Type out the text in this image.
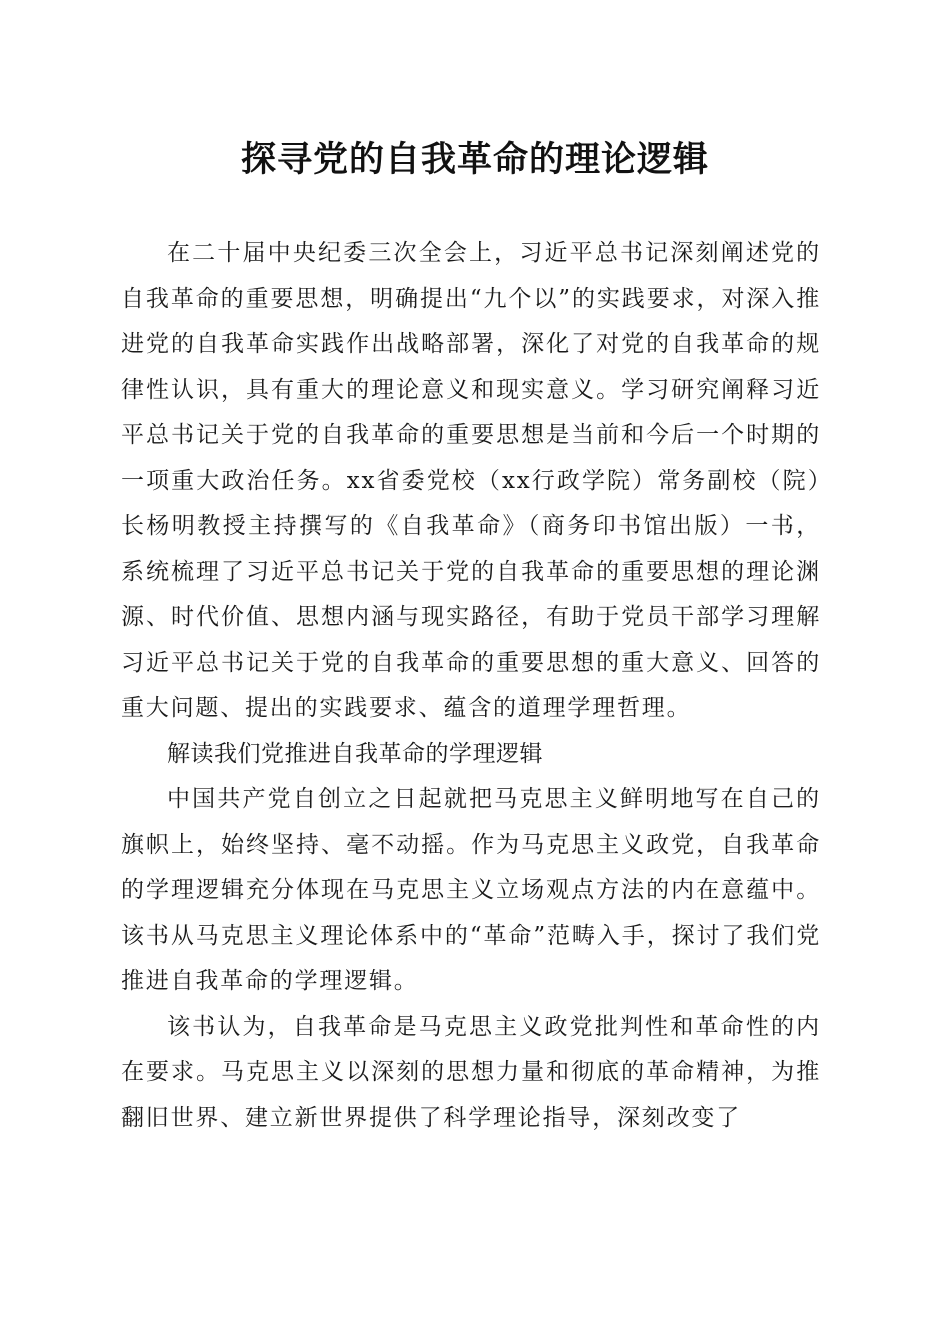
探寻党的自我革命的理论逻辑

在二十届中央纪委三次全会上，习近平总书记深刻阐述党的自我革命的重要思想，明确提出“九个以”的实践要求，对深入推进党的自我革命实践作出战略部署，深化了对党的自我革命的规律性认识，具有重大的理论意义和现实意义。学习研究阐释习近平总书记关于党的自我革命的重要思想是当前和今后一个时期的一项重大政治任务。xx省委党校（xx行政学院）常务副校（院）长杨明教授主持撰写的《自我革命》（商务印书馆出版）一书，系统梳理了习近平总书记关于党的自我革命的重要思想的理论渊源、时代价值、思想内涵与现实路径，有助于党员干部学习理解习近平总书记关于党的自我革命的重要思想的重大意义、回答的重大问题、提出的实践要求、蕴含的道理学理哲理。

解读我们党推进自我革命的学理逻辑

中国共产党自创立之日起就把马克思主义鲜明地写在自己的旗帜上，始终坚持、毫不动摇。作为马克思主义政党，自我革命的学理逻辑充分体现在马克思主义立场观点方法的内在意蕴中。该书从马克思主义理论体系中的“革命”范畴入手，探讨了我们党推进自我革命的学理逻辑。

该书认为，自我革命是马克思主义政党批判性和革命性的内在要求。马克思主义以深刻的思想力量和彻底的革命精神，为推翻旧世界、建立新世界提供了科学理论指导，深刻改变了
